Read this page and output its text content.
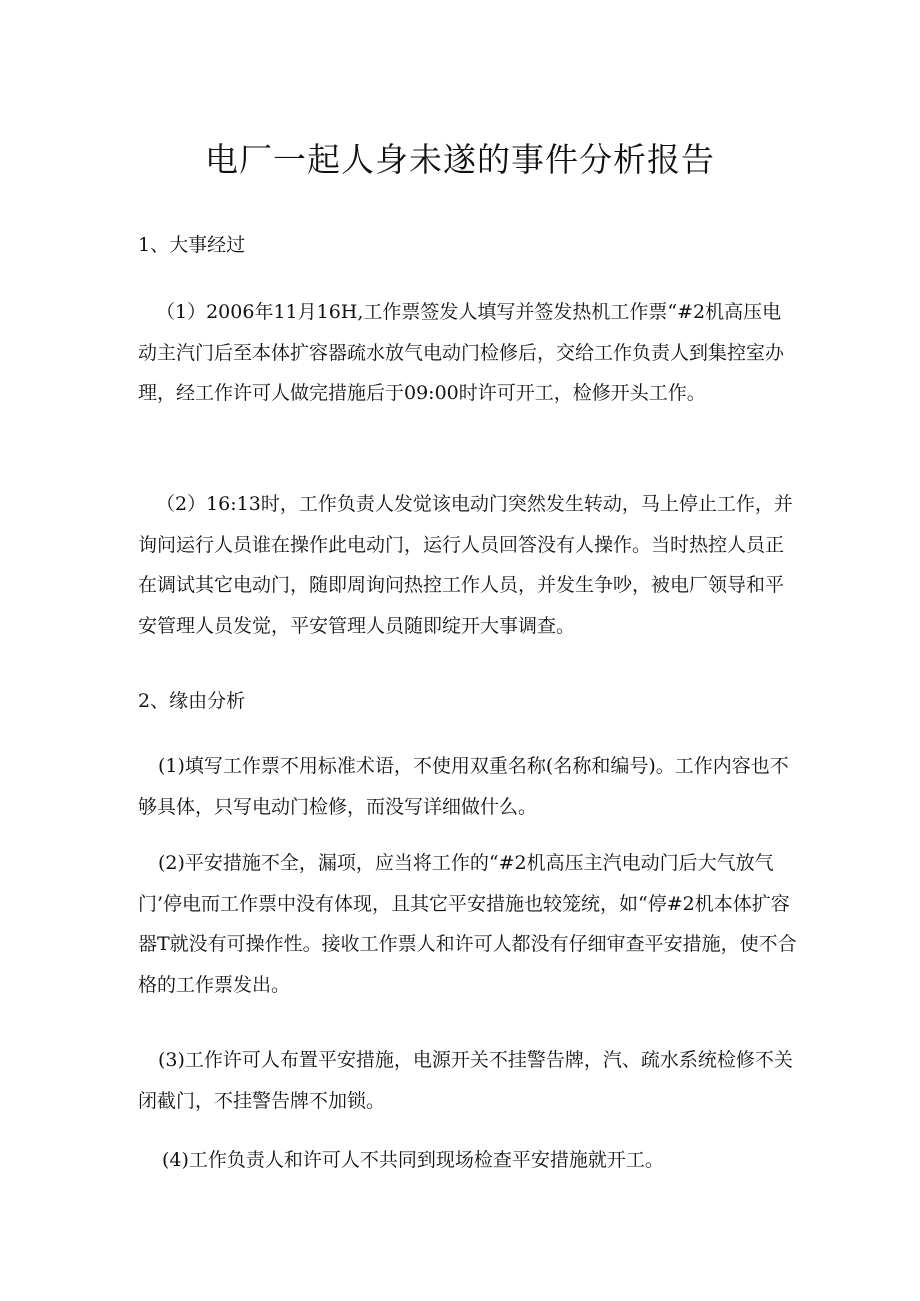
电厂一起人身未遂的事件分析报告

1、大事经过

（1）2006年11月16H,工作票签发人填写并签发热机工作票“#2机高压电动主汽门后至本体扩容器疏水放气电动门检修后，交给工作负责人到集控室办理，经工作许可人做完措施后于09:00时许可开工，检修开头工作。

（2）16:13时，工作负责人发觉该电动门突然发生转动，马上停止工作，并询问运行人员谁在操作此电动门，运行人员回答没有人操作。当时热控人员正在调试其它电动门，随即周询问热控工作人员，并发生争吵，被电厂领导和平安管理人员发觉，平安管理人员随即绽开大事调查。

2、缘由分析

(1)填写工作票不用标准术语，不使用双重名称(名称和编号)。工作内容也不够具体，只写电动门检修，而没写详细做什么。

(2)平安措施不全，漏项，应当将工作的“#2机高压主汽电动门后大气放气门’停电而工作票中没有体现，且其它平安措施也较笼统，如“停#2机本体扩容器T就没有可操作性。接收工作票人和许可人都没有仔细审查平安措施，使不合格的工作票发出。

(3)工作许可人布置平安措施，电源开关不挂警告牌，汽、疏水系统检修不关闭截门，不挂警告牌不加锁。

(4)工作负责人和许可人不共同到现场检查平安措施就开工。
